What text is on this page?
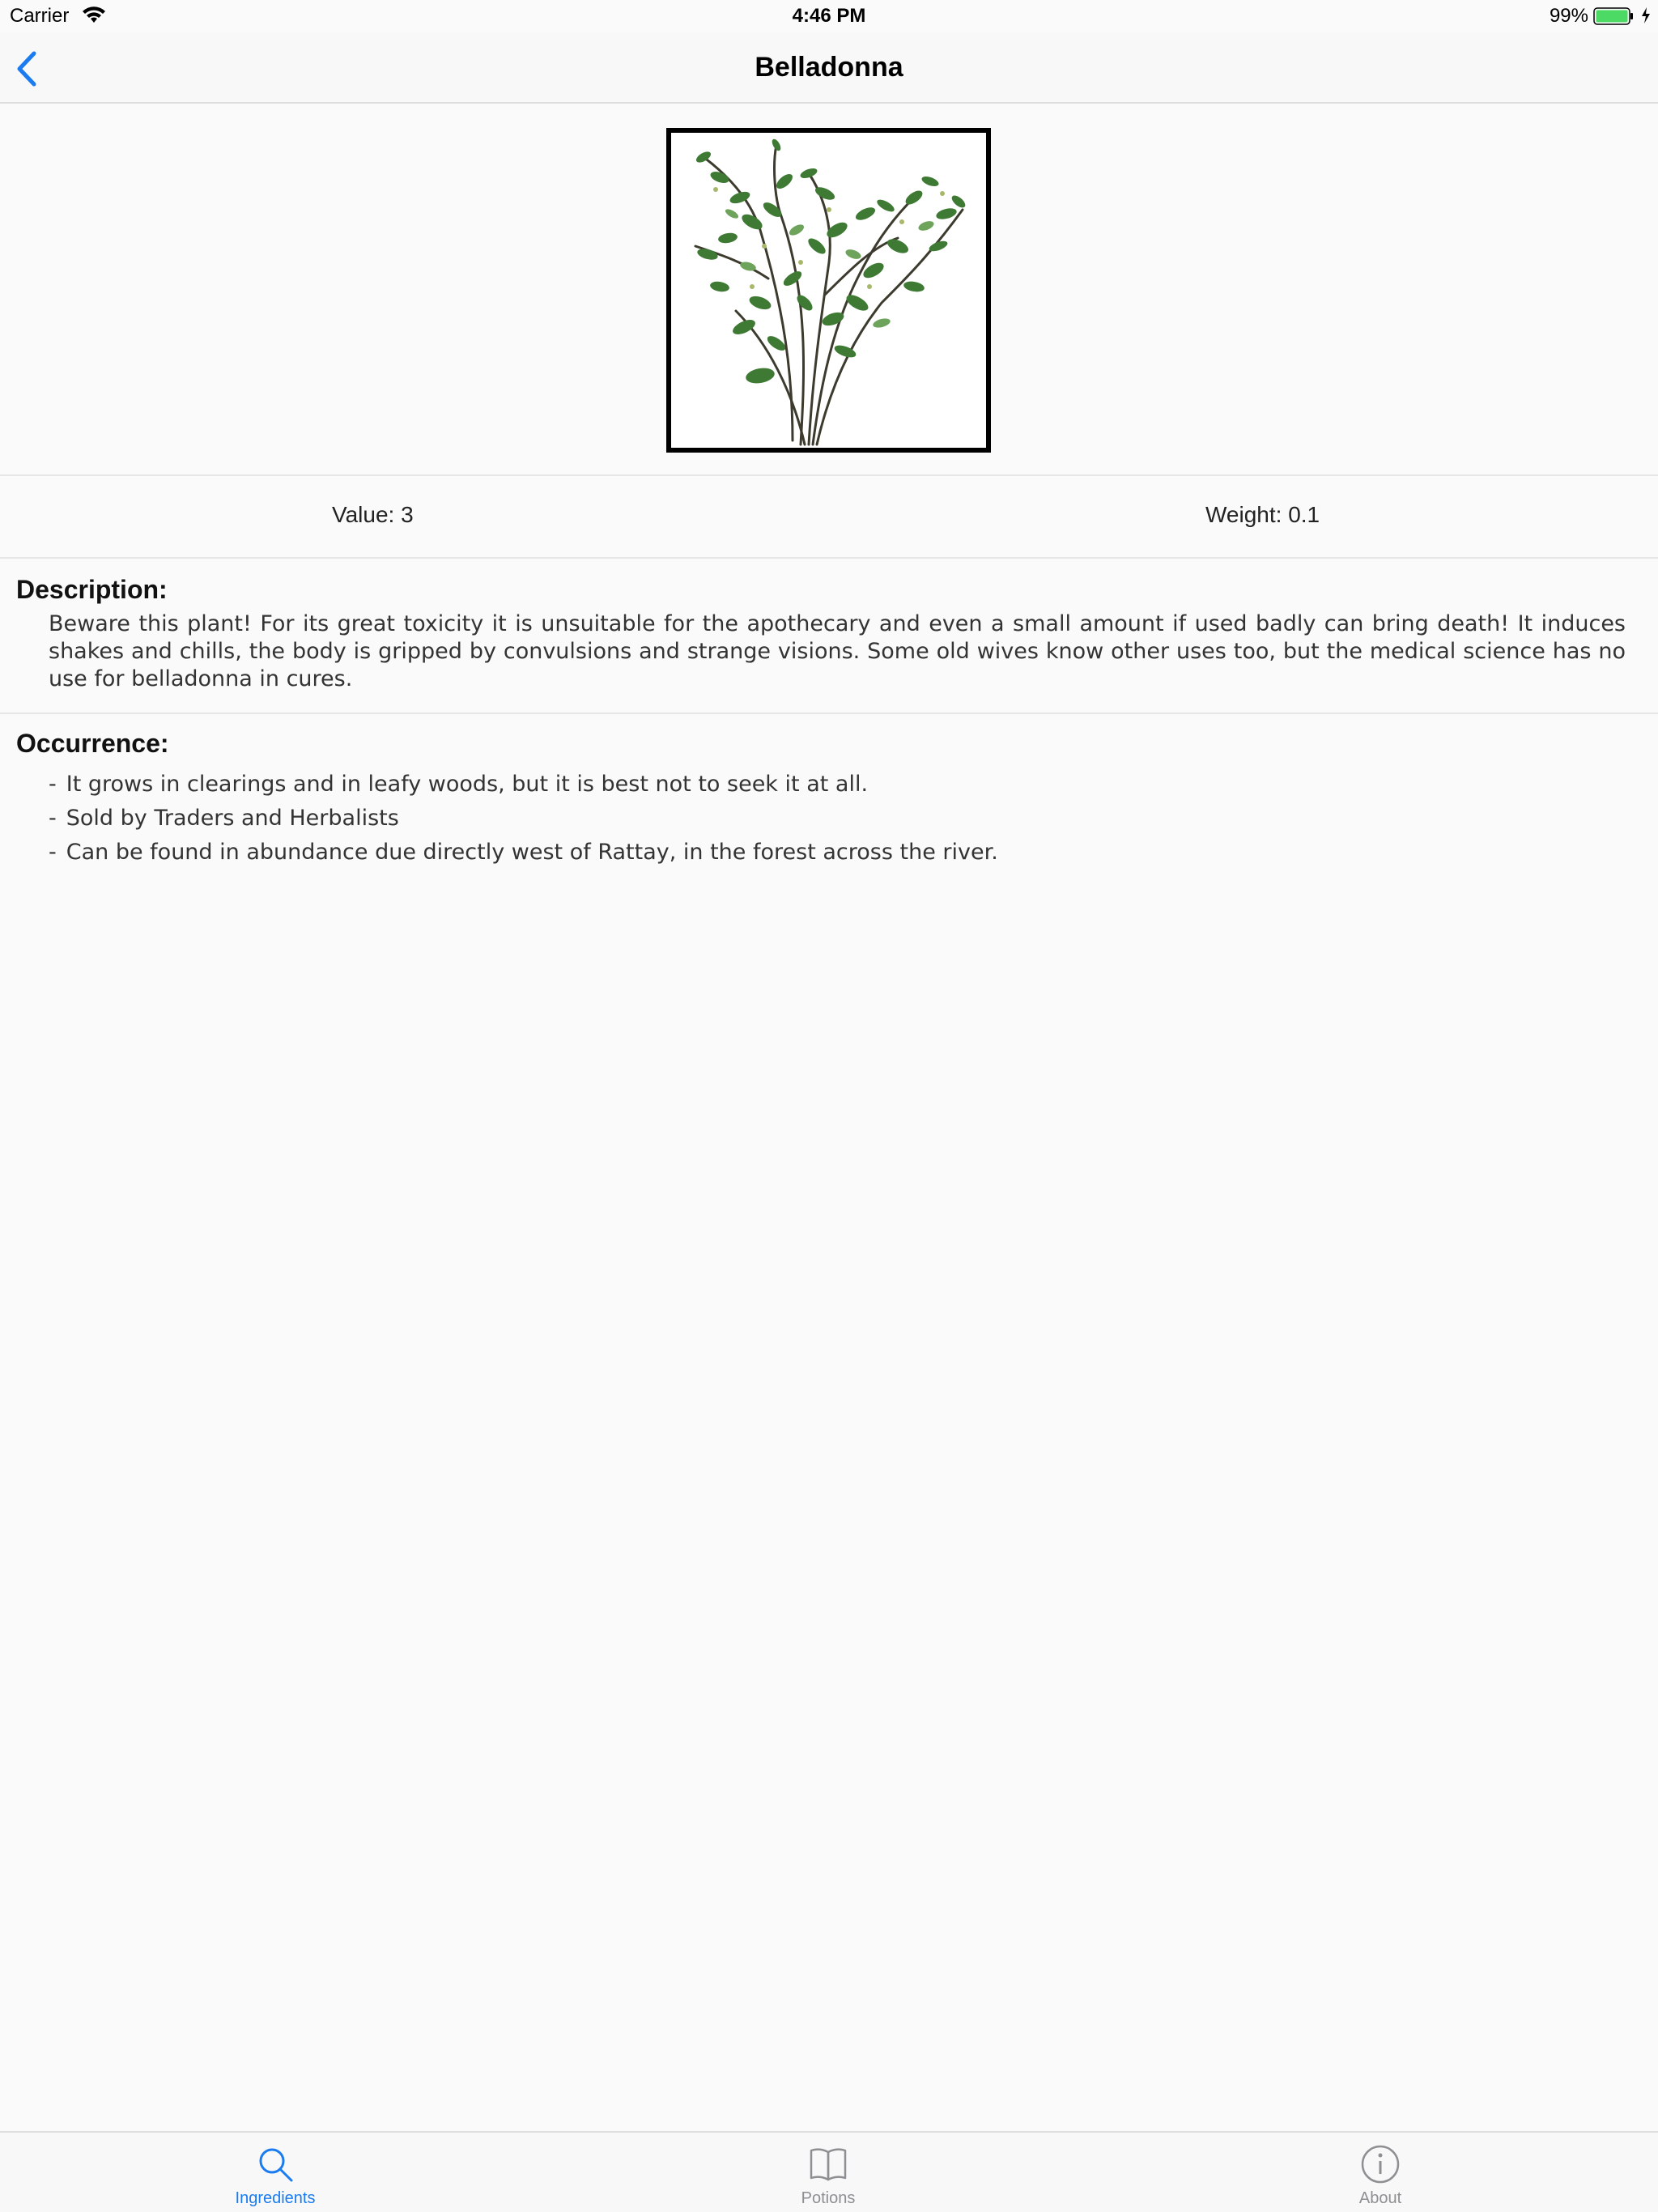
Carrier	4:46 PM	99%
Belladonna
Value: 3	Weight: 0.1
Description:

Beware this plant! For its great toxicity it is unsuitable for the apothecary and even a small amount if used badly can bring death! It induces shakes and chills, the body is gripped by convulsions and strange visions. Some old wives know other uses too, but the medical science has no use for belladonna in cures.

Occurrence:
- It grows in clearings and in leafy woods, but it is best not to seek it at all.
- Sold by Traders and Herbalists
- Can be found in abundance due directly west of Rattay, in the forest across the river.
Ingredients	Potions	About
